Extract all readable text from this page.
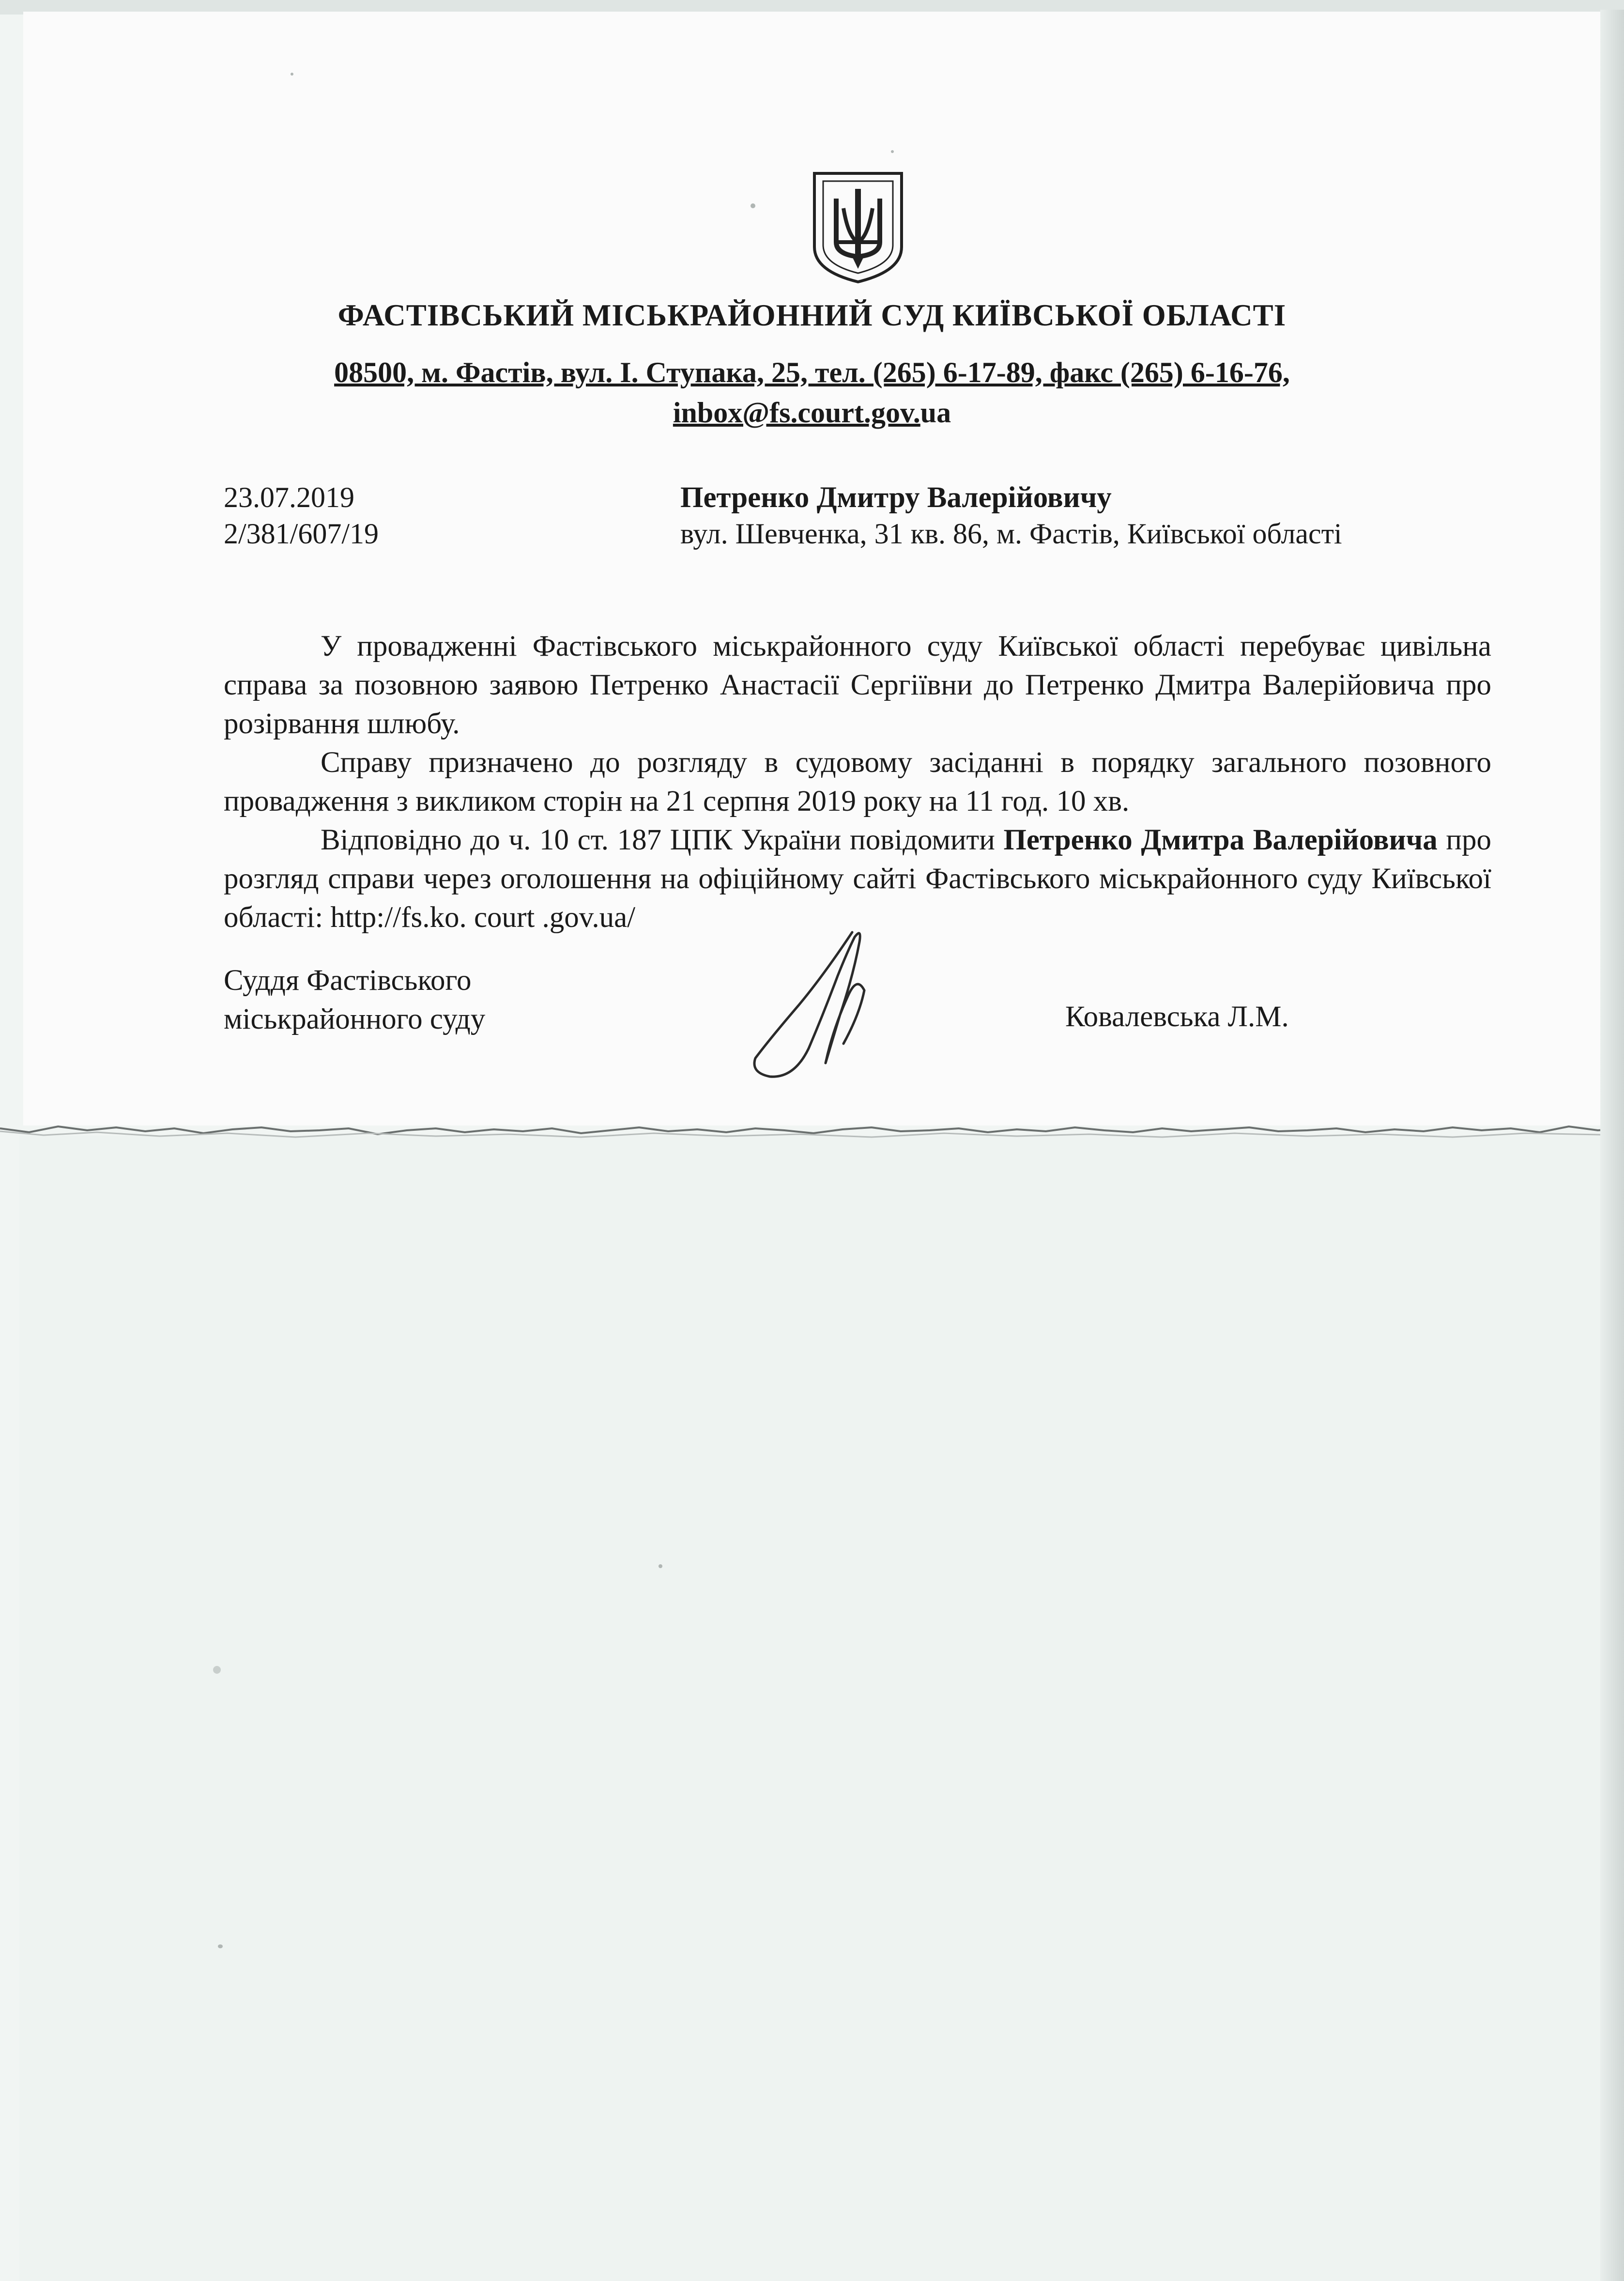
ФАСТІВСЬКИЙ МІСЬКРАЙОННИЙ СУД КИЇВСЬКОЇ ОБЛАСТІ
08500, м. Фастів, вул. І. Ступака, 25, тел. (265) 6-17-89, факс (265) 6-16-76,
inbox@fs.court.gov.ua
23.07.2019
2/381/607/19
Петренко Дмитру Валерійовичу
вул. Шевченка, 31 кв. 86, м. Фастів, Київської області

У провадженні Фастівського міськрайонного суду Київської області перебуває цивільна справа за позовною заявою Петренко Анастасії Сергіївни до Петренко Дмитра Валерійовича про розірвання шлюбу.

Справу призначено до розгляду в судовому засіданні в порядку загального позовного провадження з викликом сторін на 21 серпня 2019 року на 11 год. 10 хв.

Відповідно до ч. 10 ст. 187 ЦПК України повідомити Петренко Дмитра Валерійовича про розгляд справи через оголошення на офіційному сайті Фастівського міськрайонного суду Київської області: http://fs.ko. court .gov.ua/

Суддя Фастівського
міськрайонного суду	Ковалевська Л.М.
